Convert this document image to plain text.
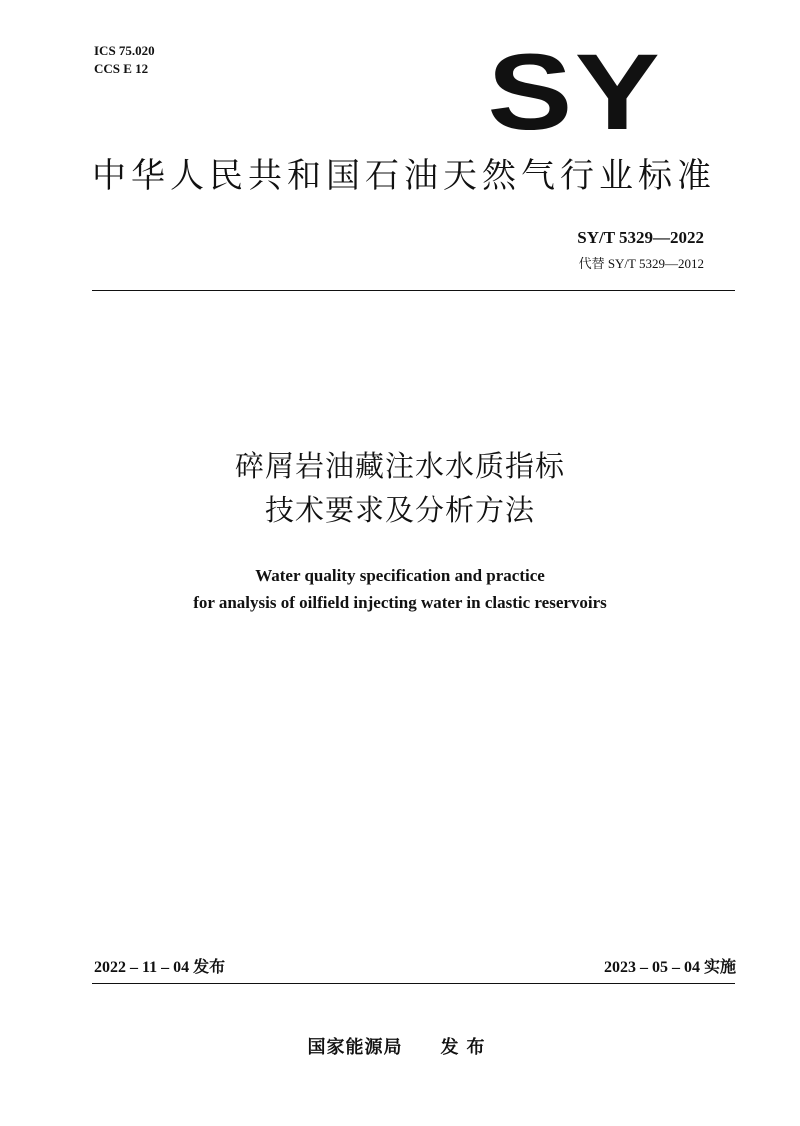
ICS 75.020
CCS E 12	SY
中华人民共和国石油天然气行业标准
SY/T 5329—2022
代替 SY/T 5329—2012
碎屑岩油藏注水水质指标
技术要求及分析方法
Water quality specification and practice
for analysis of oilfield injecting water in clastic reservoirs
2022 – 11 – 04 发布	2023 – 05 – 04 实施
国家能源局 发布
